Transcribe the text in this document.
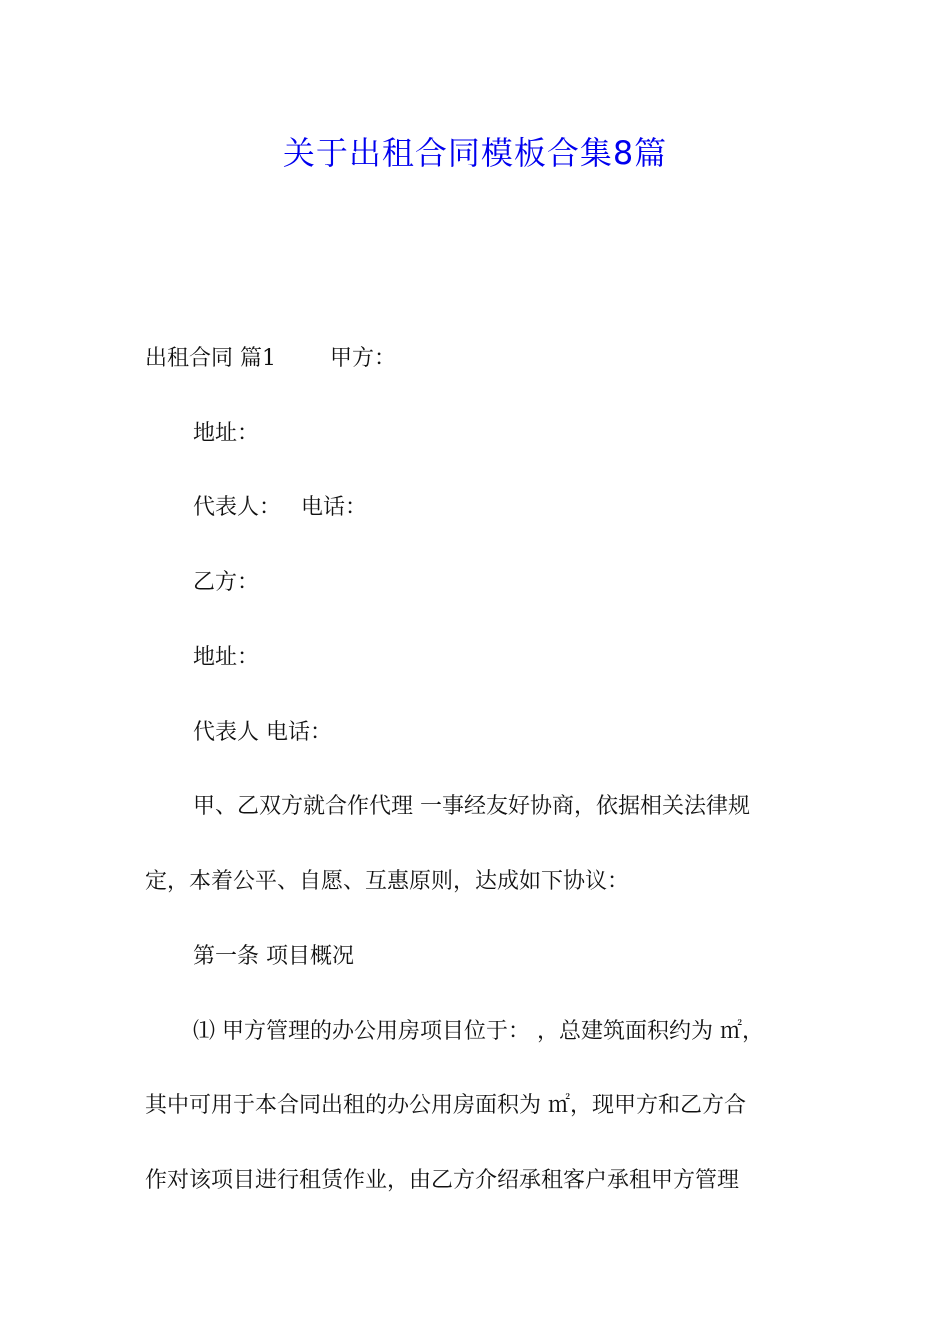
关于出租合同模板合集8篇

出租合同 篇1 甲方：

地址：

代表人： 电话：

乙方：

地址：

代表人 电话：

甲、乙双方就合作代理 一事经友好协商，依据相关法律规

定，本着公平、自愿、互惠原则，达成如下协议：

第一条 项目概况

⑴ 甲方管理的办公用房项目位于： ，总建筑面积约为 ㎡，

其中可用于本合同出租的办公用房面积为 ㎡，现甲方和乙方合

作对该项目进行租赁作业，由乙方介绍承租客户承租甲方管理
